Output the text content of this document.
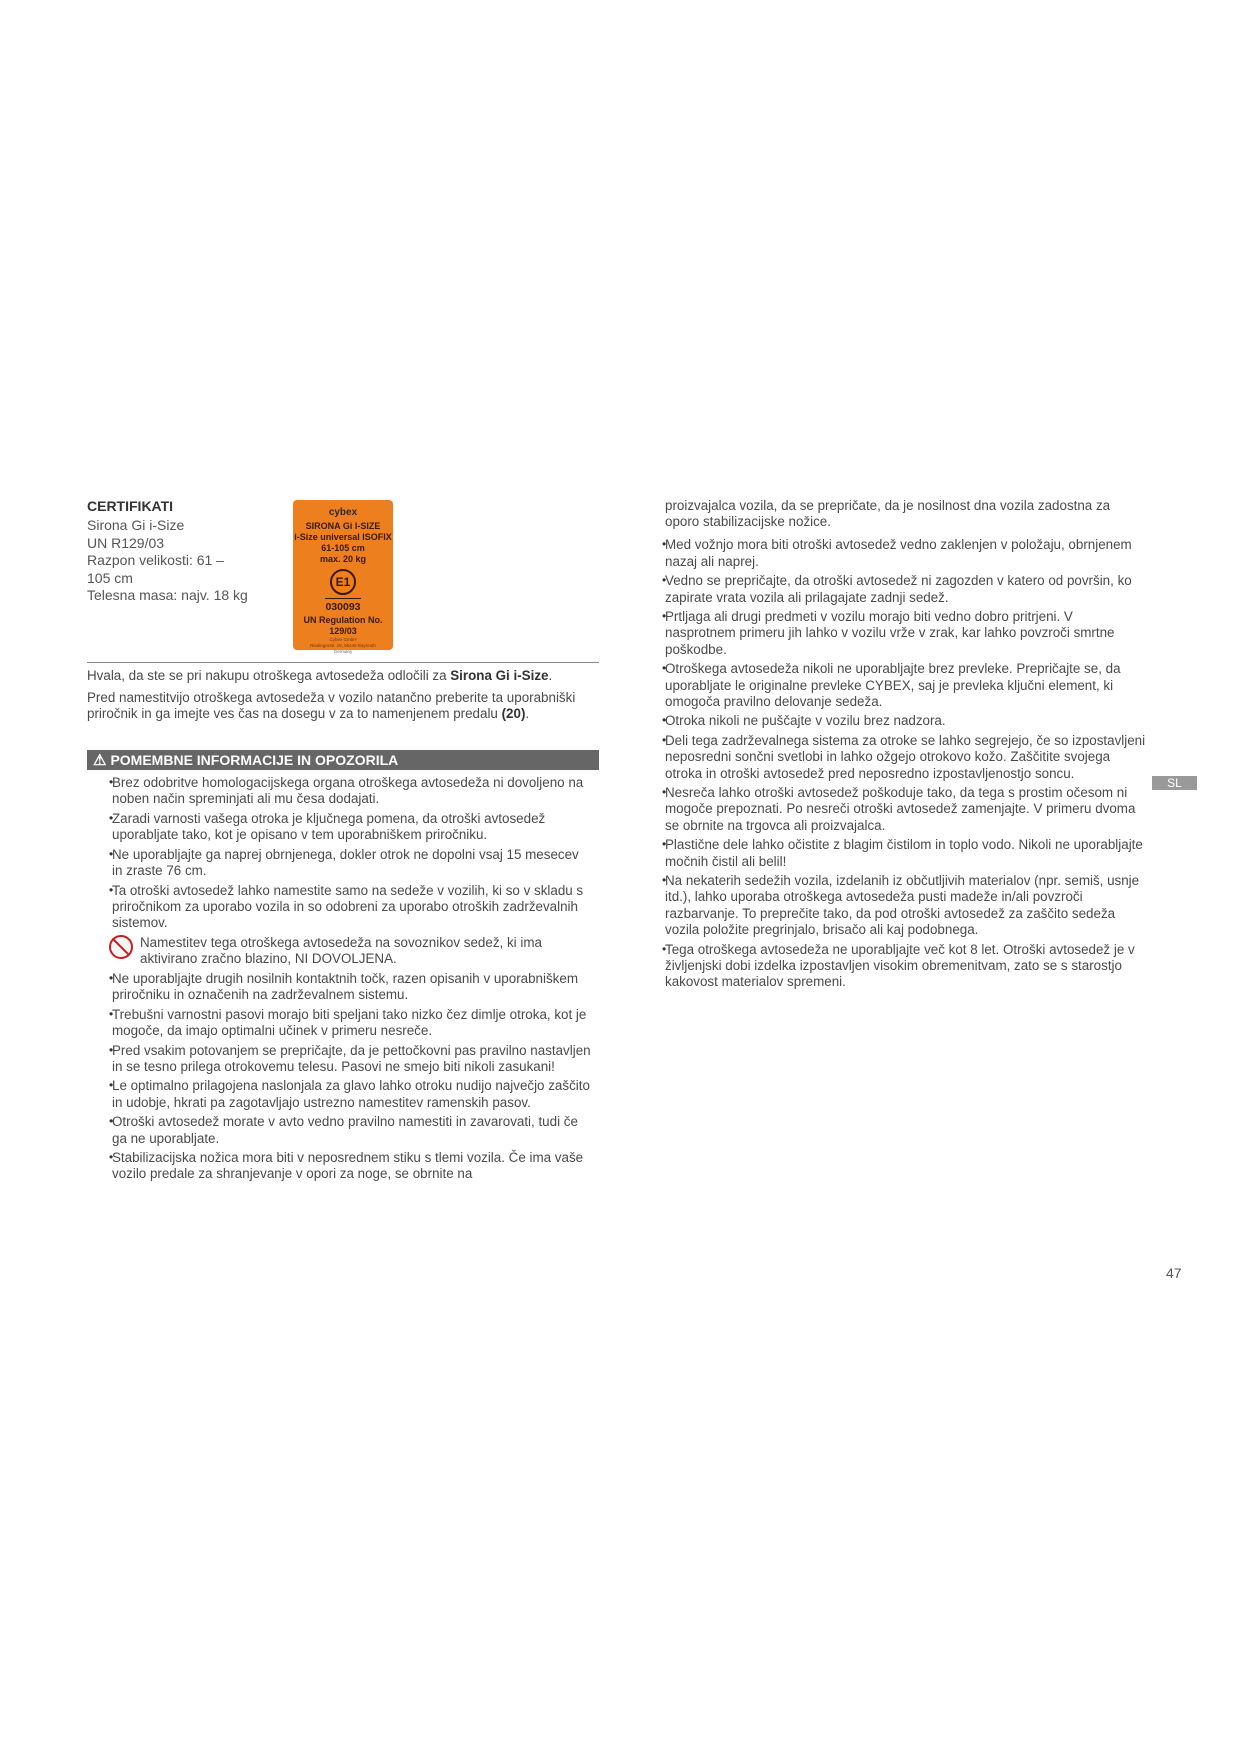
CERTIFIKATI
Sirona Gi i-Size
UN R129/03
Razpon velikosti: 61 –
105 cm
Telesna masa: najv. 18 kg
cybex
SIRONA Gi I-SIZE
i-Size universal ISOFIX
61-105 cm
max. 20 kg
E1
030093
UN Regulation No. 129/03
Cybex GmbH
Riedingerstr. 18, 95448 Bayreuth
Germany
Hvala, da ste se pri nakupu otroškega avtosedeža odločili za Sirona Gi i-Size.
Pred namestitvijo otroškega avtosedeža v vozilo natančno preberite ta uporabniški priročnik in ga imejte ves čas na dosegu v za to namenjenem predalu (20).
⚠ POMEMBNE INFORMACIJE IN OPOZORILA
• Brez odobritve homologacijskega organa otroškega avtosedeža ni dovoljeno na noben način spreminjati ali mu česa dodajati.
• Zaradi varnosti vašega otroka je ključnega pomena, da otroški avtosedež uporabljate tako, kot je opisano v tem uporabniškem priročniku.
• Ne uporabljajte ga naprej obrnjenega, dokler otrok ne dopolni vsaj 15 mesecev in zraste 76 cm.
• Ta otroški avtosedež lahko namestite samo na sedeže v vozilih, ki so v skladu s priročnikom za uporabo vozila in so odobreni za uporabo otroških zadrževalnih sistemov.
Namestitev tega otroškega avtosedeža na sovoznikov sedež, ki ima aktivirano zračno blazino, NI DOVOLJENA.
• Ne uporabljajte drugih nosilnih kontaktnih točk, razen opisanih v uporabniškem priročniku in označenih na zadrževalnem sistemu.
• Trebušni varnostni pasovi morajo biti speljani tako nizko čez dimlje otroka, kot je mogoče, da imajo optimalni učinek v primeru nesreče.
• Pred vsakim potovanjem se prepričajte, da je pettočkovni pas pravilno nastavljen in se tesno prilega otrokovemu telesu. Pasovi ne smejo biti nikoli zasukani!
• Le optimalno prilagojena naslonjala za glavo lahko otroku nudijo največjo zaščito in udobje, hkrati pa zagotavljajo ustrezno namestitev ramenskih pasov.
• Otroški avtosedež morate v avto vedno pravilno namestiti in zavarovati, tudi če ga ne uporabljate.
• Stabilizacijska nožica mora biti v neposrednem stiku s tlemi vozila. Če ima vaše vozilo predale za shranjevanje v opori za noge, se obrnite na
proizvajalca vozila, da se prepričate, da je nosilnost dna vozila zadostna za oporo stabilizacijske nožice.
• Med vožnjo mora biti otroški avtosedež vedno zaklenjen v položaju, obrnjenem nazaj ali naprej.
• Vedno se prepričajte, da otroški avtosedež ni zagozden v katero od površin, ko zapirate vrata vozila ali prilagajate zadnji sedež.
• Prtljaga ali drugi predmeti v vozilu morajo biti vedno dobro pritrjeni. V nasprotnem primeru jih lahko v vozilu vrže v zrak, kar lahko povzroči smrtne poškodbe.
• Otroškega avtosedeža nikoli ne uporabljajte brez prevleke. Prepričajte se, da uporabljate le originalne prevleke CYBEX, saj je prevleka ključni element, ki omogoča pravilno delovanje sedeža.
• Otroka nikoli ne puščajte v vozilu brez nadzora.
• Deli tega zadrževalnega sistema za otroke se lahko segrejejo, če so izpostavljeni neposredni sončni svetlobi in lahko ožgejo otrokovo kožo. Zaščitite svojega otroka in otroški avtosedež pred neposredno izpostavljenostjo soncu.
• Nesreča lahko otroški avtosedež poškoduje tako, da tega s prostim očesom ni mogoče prepoznati. Po nesreči otroški avtosedež zamenjajte. V primeru dvoma se obrnite na trgovca ali proizvajalca.
• Plastične dele lahko očistite z blagim čistilom in toplo vodo. Nikoli ne uporabljajte močnih čistil ali belil!
• Na nekaterih sedežih vozila, izdelanih iz občutljivih materialov (npr. semiš, usnje itd.), lahko uporaba otroškega avtosedeža pusti madeže in/ali povzroči razbarvanje. To preprečite tako, da pod otroški avtosedež za zaščito sedeža vozila položite pregrinjalo, brisačo ali kaj podobnega.
• Tega otroškega avtosedeža ne uporabljajte več kot 8 let. Otroški avtosedež je v življenjski dobi izdelka izpostavljen visokim obremenitvam, zato se s starostjo kakovost materialov spremeni.
SL
47
